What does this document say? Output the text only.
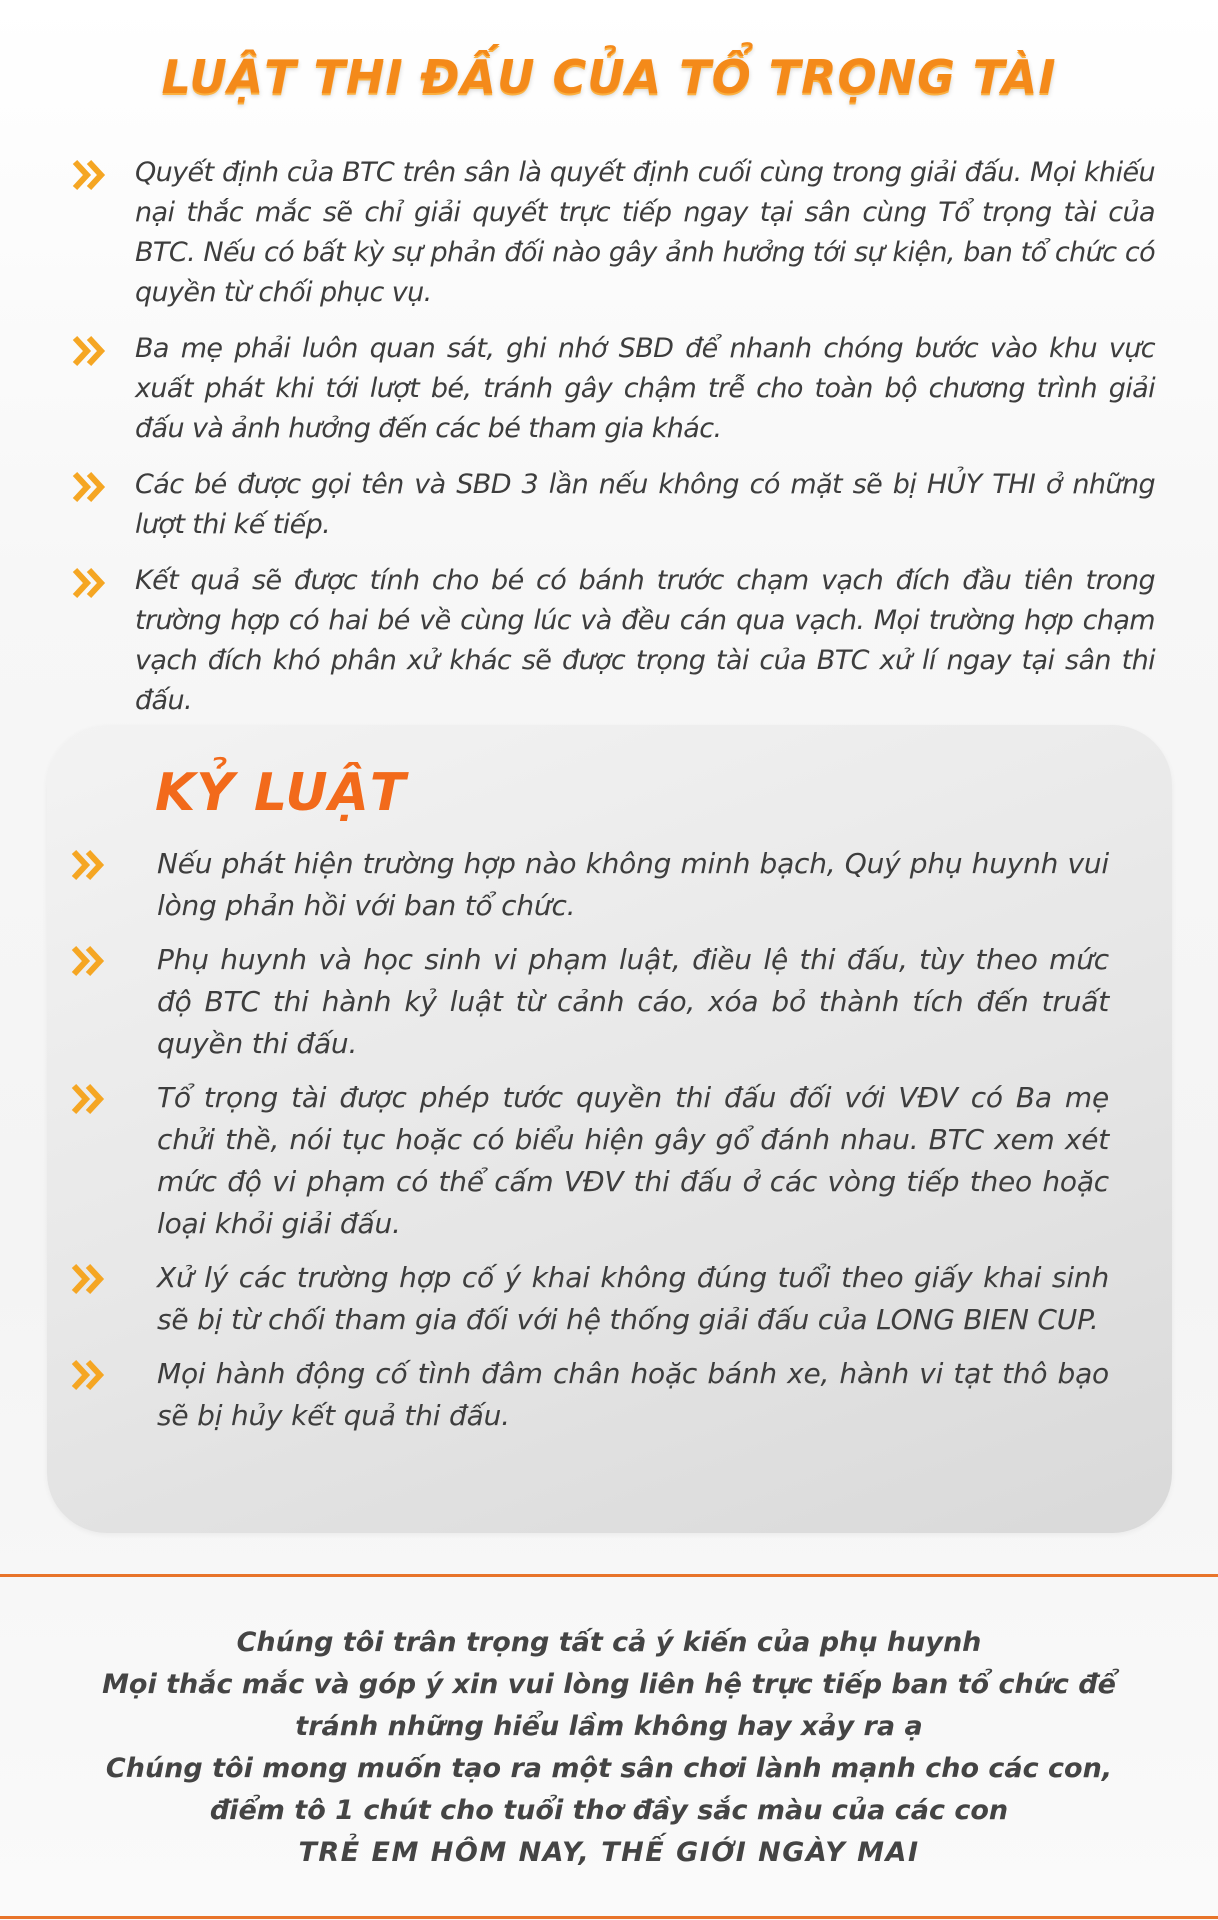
LUẬT THI ĐẤU CỦA TỔ TRỌNG TÀI
Quyết định của BTC trên sân là quyết định cuối cùng trong giải đấu. Mọi khiếu nại thắc mắc sẽ chỉ giải quyết trực tiếp ngay tại sân cùng Tổ trọng tài của BTC. Nếu có bất kỳ sự phản đối nào gây ảnh hưởng tới sự kiện, ban tổ chức có quyền từ chối phục vụ.
Ba mẹ phải luôn quan sát, ghi nhớ SBD để nhanh chóng bước vào khu vực xuất phát khi tới lượt bé, tránh gây chậm trễ cho toàn bộ chương trình giải đấu và ảnh hưởng đến các bé tham gia khác.
Các bé được gọi tên và SBD 3 lần nếu không có mặt sẽ bị HỦY THI ở những lượt thi kế tiếp.
Kết quả sẽ được tính cho bé có bánh trước chạm vạch đích đầu tiên trong trường hợp có hai bé về cùng lúc và đều cán qua vạch. Mọi trường hợp chạm vạch đích khó phân xử khác sẽ được trọng tài của BTC xử lí ngay tại sân thi đấu.
KỶ LUẬT
Nếu phát hiện trường hợp nào không minh bạch, Quý phụ huynh vui lòng phản hồi với ban tổ chức.
Phụ huynh và học sinh vi phạm luật, điều lệ thi đấu, tùy theo mức độ BTC thi hành kỷ luật từ cảnh cáo, xóa bỏ thành tích đến truất quyền thi đấu.
Tổ trọng tài được phép tước quyền thi đấu đối với VĐV có Ba mẹ chửi thề, nói tục hoặc có biểu hiện gây gổ đánh nhau. BTC xem xét mức độ vi phạm có thể cấm VĐV thi đấu ở các vòng tiếp theo hoặc loại khỏi giải đấu.
Xử lý các trường hợp cố ý khai không đúng tuổi theo giấy khai sinh sẽ bị từ chối tham gia đối với hệ thống giải đấu của LONG BIEN CUP.
Mọi hành động cố tình đâm chân hoặc bánh xe, hành vi tạt thô bạo sẽ bị hủy kết quả thi đấu.
Chúng tôi trân trọng tất cả ý kiến của phụ huynh
Mọi thắc mắc và góp ý xin vui lòng liên hệ trực tiếp ban tổ chức để
tránh những hiểu lầm không hay xảy ra ạ
Chúng tôi mong muốn tạo ra một sân chơi lành mạnh cho các con,
điểm tô 1 chút cho tuổi thơ đầy sắc màu của các con
TRẺ EM HÔM NAY, THẾ GIỚI NGÀY MAI
